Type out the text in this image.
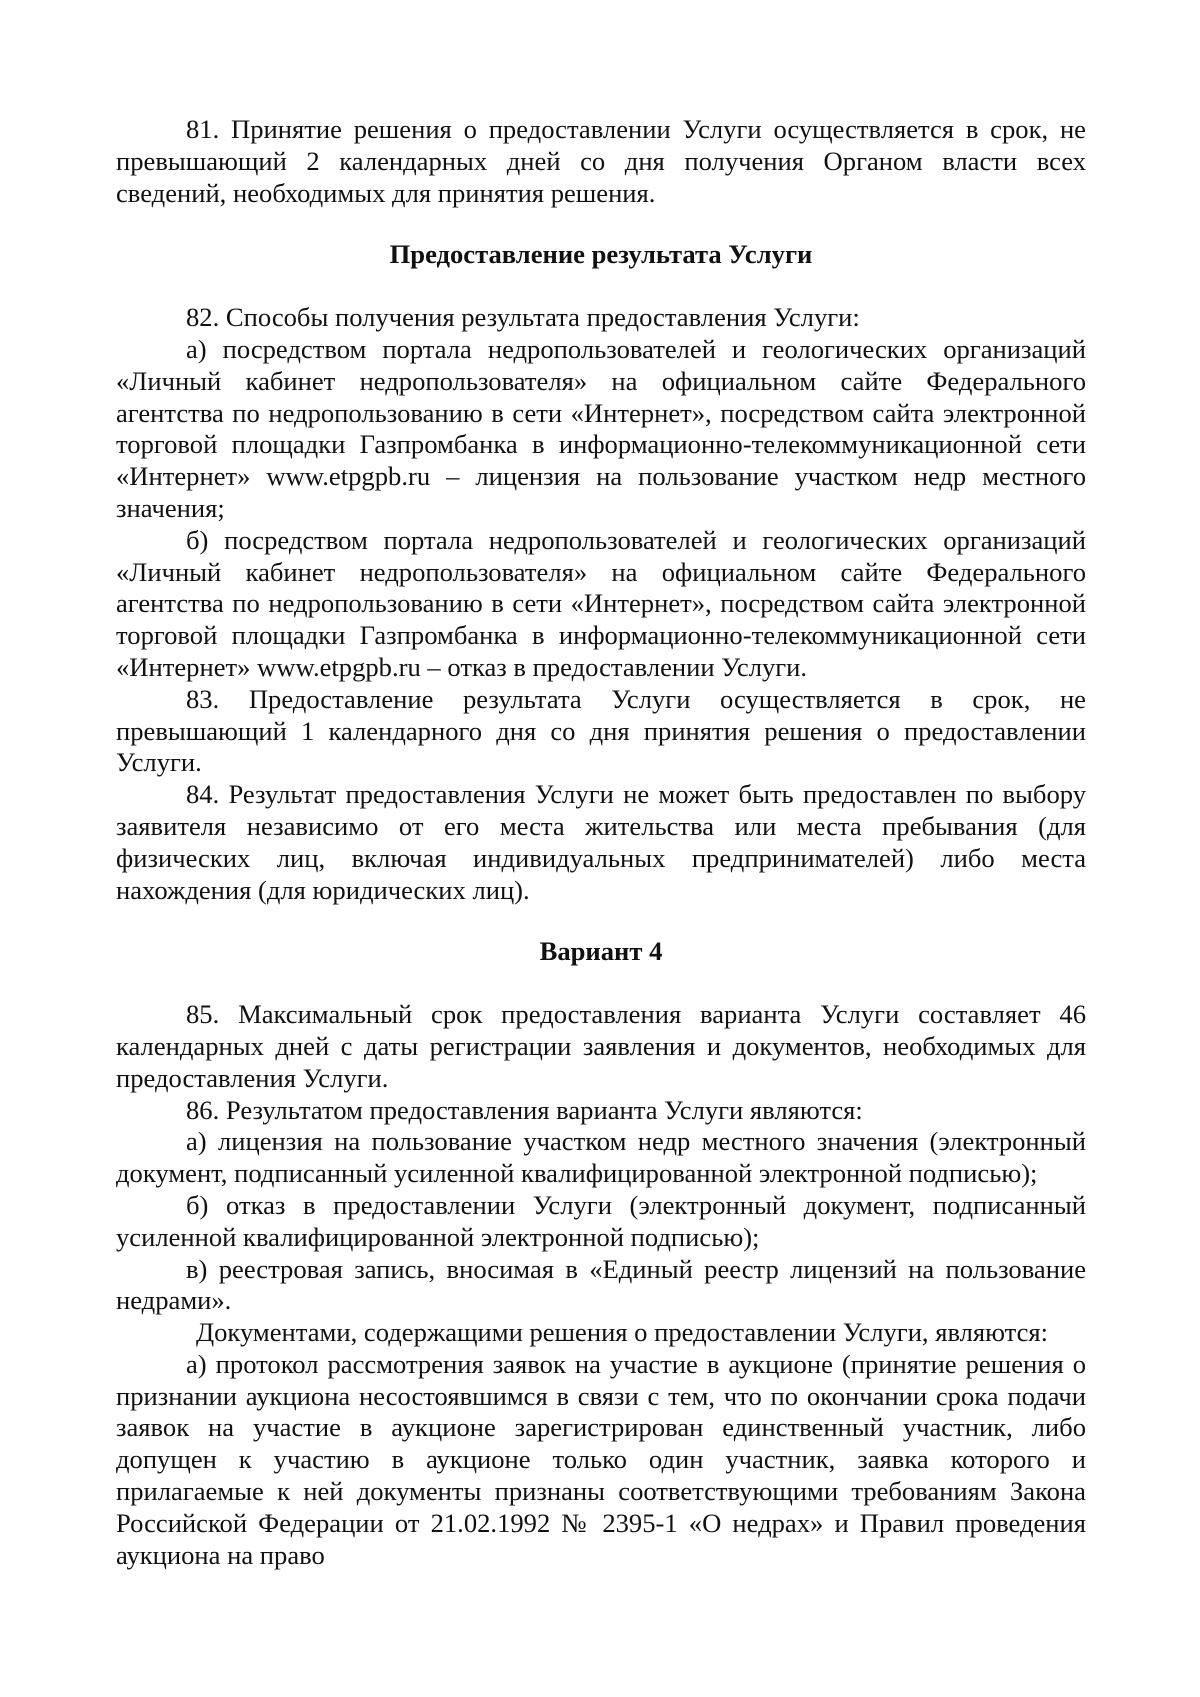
81. Принятие решения о предоставлении Услуги осуществляется в срок, не превышающий 2 календарных дней со дня получения Органом власти всех сведений, необходимых для принятия решения.

Предоставление результата Услуги

82. Способы получения результата предоставления Услуги:

а) посредством портала недропользователей и геологических организаций «Личный кабинет недропользователя» на официальном сайте Федерального агентства по недропользованию в сети «Интернет», посредством сайта электронной торговой площадки Газпромбанка в информационно-телекоммуникационной сети «Интернет» www.etpgpb.ru – лицензия на пользование участком недр местного значения;

б) посредством портала недропользователей и геологических организаций «Личный кабинет недропользователя» на официальном сайте Федерального агентства по недропользованию в сети «Интернет», посредством сайта электронной торговой площадки Газпромбанка в информационно-телекоммуникационной сети «Интернет» www.etpgpb.ru – отказ в предоставлении Услуги.

83. Предоставление результата Услуги осуществляется в срок, не превышающий 1 календарного дня со дня принятия решения о предоставлении Услуги.

84. Результат предоставления Услуги не может быть предоставлен по выбору заявителя независимо от его места жительства или места пребывания (для физических лиц, включая индивидуальных предпринимателей) либо места нахождения (для юридических лиц).

Вариант 4

85. Максимальный срок предоставления варианта Услуги составляет 46 календарных дней с даты регистрации заявления и документов, необходимых для предоставления Услуги.

86. Результатом предоставления варианта Услуги являются:

а) лицензия на пользование участком недр местного значения (электронный документ, подписанный усиленной квалифицированной электронной подписью);

б) отказ в предоставлении Услуги (электронный документ, подписанный усиленной квалифицированной электронной подписью);

в) реестровая запись, вносимая в «Единый реестр лицензий на пользование недрами».

Документами, содержащими решения о предоставлении Услуги, являются:

а) протокол рассмотрения заявок на участие в аукционе (принятие решения о признании аукциона несостоявшимся в связи с тем, что по окончании срока подачи заявок на участие в аукционе зарегистрирован единственный участник, либо допущен к участию в аукционе только один участник, заявка которого и прилагаемые к ней документы признаны соответствующими требованиям Закона Российской Федерации от 21.02.1992 № 2395-1 «О недрах» и Правил проведения аукциона на право
